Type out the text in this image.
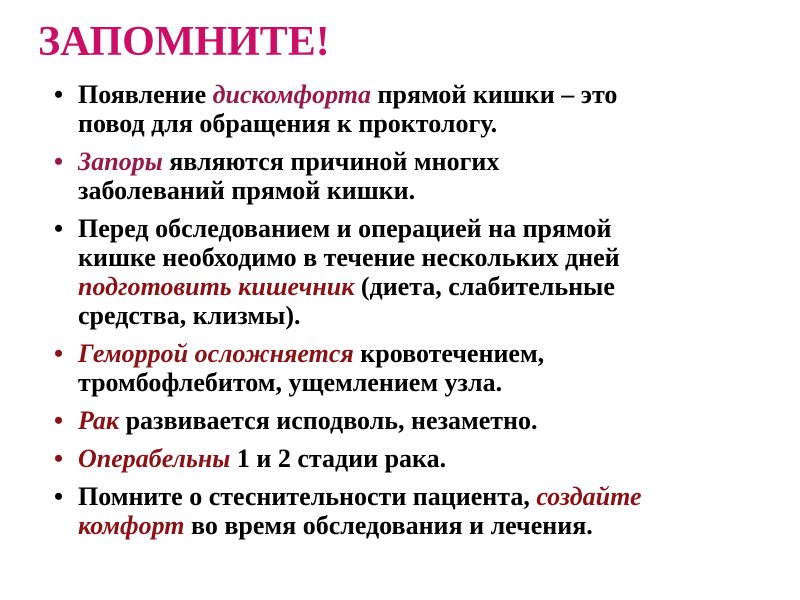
ЗАПОМНИТЕ!
• Появление дискомфорта прямой кишки – это
повод для обращения к проктологу.
• Запоры являются причиной многих
заболеваний прямой кишки.
• Перед обследованием и операцией на прямой
кишке необходимо в течение нескольких дней
подготовить кишечник (диета, слабительные
средства, клизмы).
• Геморрой осложняется кровотечением,
тромбофлебитом, ущемлением узла.
• Рак развивается исподволь, незаметно.
• Операбельны 1 и 2 стадии рака.
• Помните о стеснительности пациента, создайте
комфорт во время обследования и лечения.
